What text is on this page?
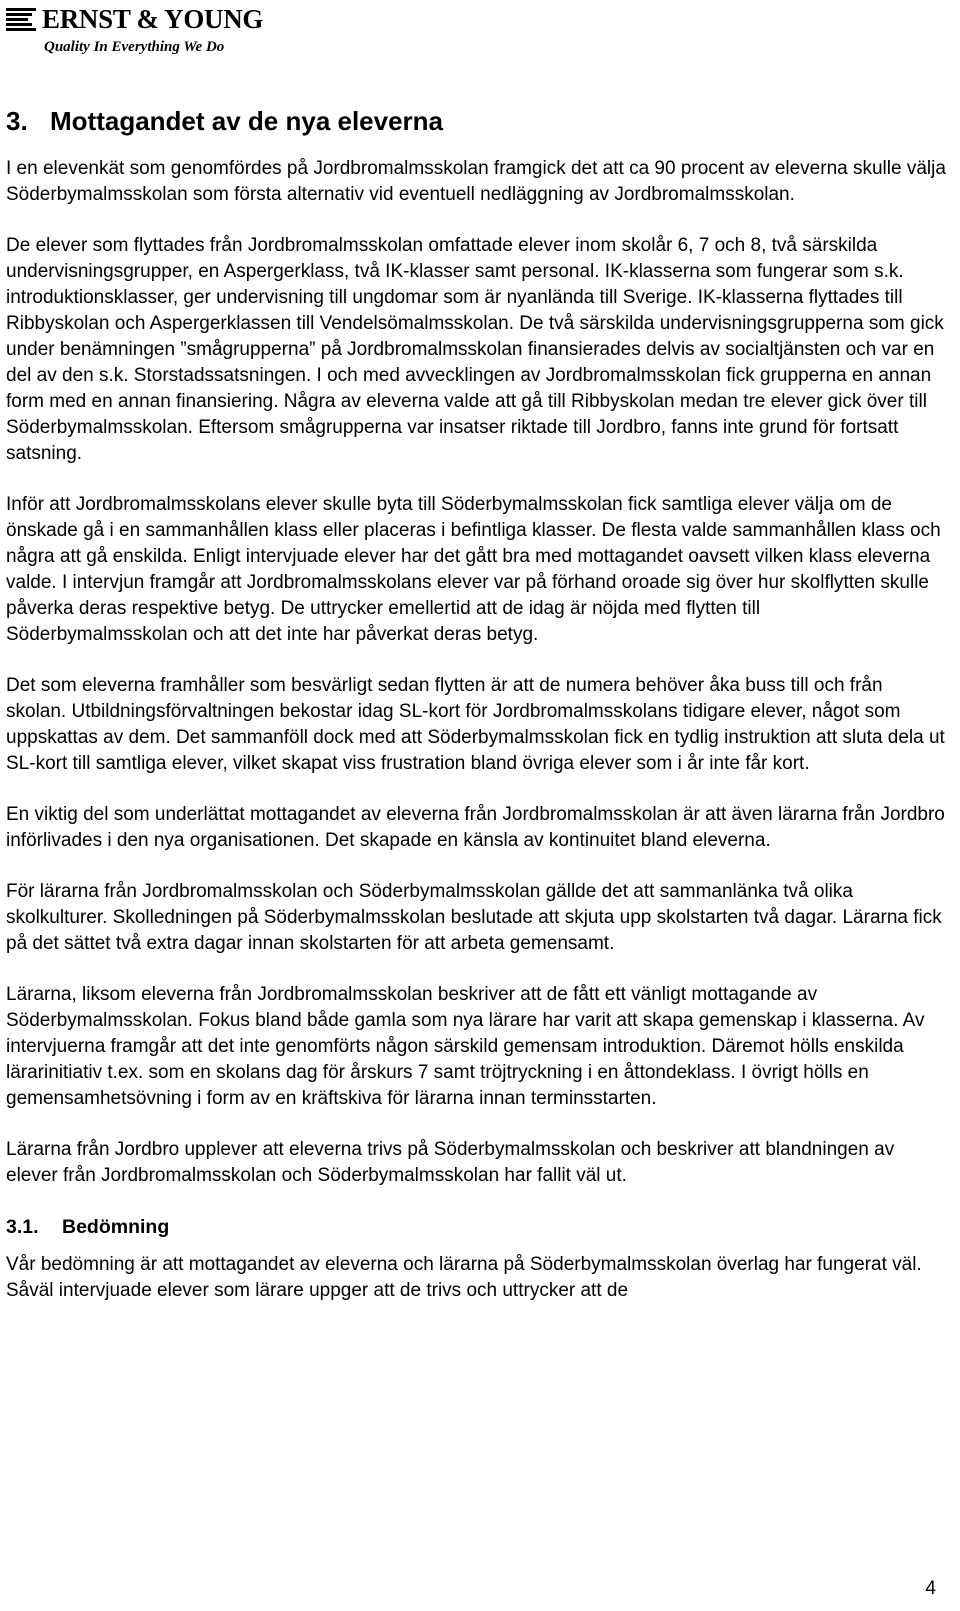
ERNST & YOUNG
Quality In Everything We Do
3. Mottagandet av de nya eleverna

I en elevenkät som genomfördes på Jordbromalmsskolan framgick det att ca 90 procent av eleverna skulle välja Söderbymalmsskolan som första alternativ vid eventuell nedläggning av Jordbromalmsskolan.

De elever som flyttades från Jordbromalmsskolan omfattade elever inom skolår 6, 7 och 8, två särskilda undervisningsgrupper, en Aspergerklass, två IK-klasser samt personal. IK-klasserna som fungerar som s.k. introduktionsklasser, ger undervisning till ungdomar som är nyanlända till Sverige. IK-klasserna flyttades till Ribbyskolan och Aspergerklassen till Vendelsömalmsskolan. De två särskilda undervisningsgrupperna som gick under benämningen ”smågrupperna” på Jordbromalmsskolan finansierades delvis av socialtjänsten och var en del av den s.k. Storstadssatsningen. I och med avvecklingen av Jordbromalmsskolan fick grupperna en annan form med en annan finansiering. Några av eleverna valde att gå till Ribbyskolan medan tre elever gick över till Söderbymalmsskolan. Eftersom smågrupperna var insatser riktade till Jordbro, fanns inte grund för fortsatt satsning.

Inför att Jordbromalmsskolans elever skulle byta till Söderbymalmsskolan fick samtliga elever välja om de önskade gå i en sammanhållen klass eller placeras i befintliga klasser. De flesta valde sammanhållen klass och några att gå enskilda. Enligt intervjuade elever har det gått bra med mottagandet oavsett vilken klass eleverna valde. I intervjun framgår att Jordbromalmsskolans elever var på förhand oroade sig över hur skolflytten skulle påverka deras respektive betyg. De uttrycker emellertid att de idag är nöjda med flytten till Söderbymalmsskolan och att det inte har påverkat deras betyg.

Det som eleverna framhåller som besvärligt sedan flytten är att de numera behöver åka buss till och från skolan. Utbildningsförvaltningen bekostar idag SL-kort för Jordbromalmsskolans tidigare elever, något som uppskattas av dem. Det sammanföll dock med att Söderbymalmsskolan fick en tydlig instruktion att sluta dela ut SL-kort till samtliga elever, vilket skapat viss frustration bland övriga elever som i år inte får kort.

En viktig del som underlättat mottagandet av eleverna från Jordbromalmsskolan är att även lärarna från Jordbro införlivades i den nya organisationen. Det skapade en känsla av kontinuitet bland eleverna.

För lärarna från Jordbromalmsskolan och Söderbymalmsskolan gällde det att sammanlänka två olika skolkulturer. Skolledningen på Söderbymalmsskolan beslutade att skjuta upp skolstarten två dagar. Lärarna fick på det sättet två extra dagar innan skolstarten för att arbeta gemensamt.

Lärarna, liksom eleverna från Jordbromalmsskolan beskriver att de fått ett vänligt mottagande av Söderbymalmsskolan. Fokus bland både gamla som nya lärare har varit att skapa gemenskap i klasserna. Av intervjuerna framgår att det inte genomförts någon särskild gemensam introduktion. Däremot hölls enskilda lärarinitiativ t.ex. som en skolans dag för årskurs 7 samt tröjtryckning i en åttondeklass. I övrigt hölls en gemensamhetsövning i form av en kräftskiva för lärarna innan terminsstarten.

Lärarna från Jordbro upplever att eleverna trivs på Söderbymalmsskolan och beskriver att blandningen av elever från Jordbromalmsskolan och Söderbymalmsskolan har fallit väl ut.

3.1. Bedömning

Vår bedömning är att mottagandet av eleverna och lärarna på Söderbymalmsskolan överlag har fungerat väl. Såväl intervjuade elever som lärare uppger att de trivs och uttrycker att de

4
